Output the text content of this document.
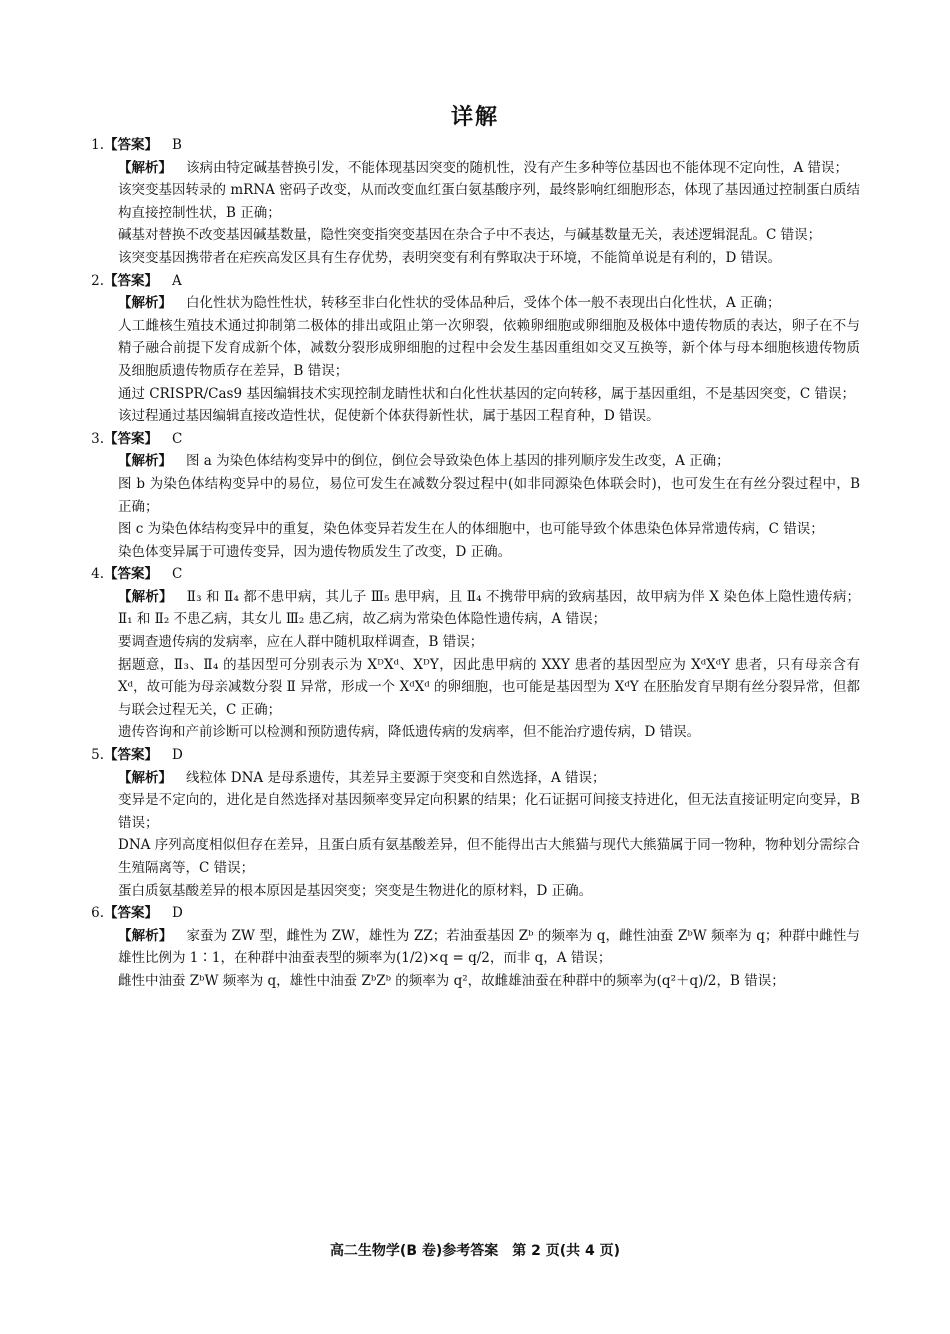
详解
1.【答案】 B

【解析】 该病由特定碱基替换引发，不能体现基因突变的随机性，没有产生多种等位基因也不能体现不定向性，A 错误；

该突变基因转录的 mRNA 密码子改变，从而改变血红蛋白氨基酸序列，最终影响红细胞形态，体现了基因通过控制蛋白质结构直接控制性状，B 正确；

碱基对替换不改变基因碱基数量，隐性突变指突变基因在杂合子中不表达，与碱基数量无关，表述逻辑混乱。C 错误；

该突变基因携带者在疟疾高发区具有生存优势，表明突变有利有弊取决于环境，不能简单说是有利的，D 错误。

2.【答案】 A

【解析】 白化性状为隐性性状，转移至非白化性状的受体品种后，受体个体一般不表现出白化性状，A 正确；

人工雌核生殖技术通过抑制第二极体的排出或阻止第一次卵裂，依赖卵细胞或卵细胞及极体中遗传物质的表达，卵子在不与精子融合前提下发育成新个体，减数分裂形成卵细胞的过程中会发生基因重组如交叉互换等，新个体与母本细胞核遗传物质及细胞质遗传物质存在差异，B 错误；

通过 CRISPR/Cas9 基因编辑技术实现控制龙睛性状和白化性状基因的定向转移，属于基因重组，不是基因突变，C 错误；

该过程通过基因编辑直接改造性状，促使新个体获得新性状，属于基因工程育种，D 错误。

3.【答案】 C

【解析】 图 a 为染色体结构变异中的倒位，倒位会导致染色体上基因的排列顺序发生改变，A 正确；

图 b 为染色体结构变异中的易位，易位可发生在减数分裂过程中(如非同源染色体联会时)，也可发生在有丝分裂过程中，B 正确；

图 c 为染色体结构变异中的重复，染色体变异若发生在人的体细胞中，也可能导致个体患染色体异常遗传病，C 错误；

染色体变异属于可遗传变异，因为遗传物质发生了改变，D 正确。

4.【答案】 C

【解析】 Ⅱ₃ 和 Ⅱ₄ 都不患甲病，其儿子 Ⅲ₅ 患甲病，且 Ⅱ₄ 不携带甲病的致病基因，故甲病为伴 X 染色体上隐性遗传病；Ⅱ₁ 和 Ⅱ₂ 不患乙病，其女儿 Ⅲ₂ 患乙病，故乙病为常染色体隐性遗传病，A 错误；

要调查遗传病的发病率，应在人群中随机取样调查，B 错误；

据题意，Ⅱ₃、Ⅱ₄ 的基因型可分别表示为 XᴰXᵈ、XᴰY，因此患甲病的 XXY 患者的基因型应为 XᵈXᵈY 患者，只有母亲含有 Xᵈ，故可能为母亲减数分裂 Ⅱ 异常，形成一个 XᵈXᵈ 的卵细胞，也可能是基因型为 XᵈY 在胚胎发育早期有丝分裂异常，但都与联会过程无关，C 正确；

遗传咨询和产前诊断可以检测和预防遗传病，降低遗传病的发病率，但不能治疗遗传病，D 错误。

5.【答案】 D

【解析】 线粒体 DNA 是母系遗传，其差异主要源于突变和自然选择，A 错误；

变异是不定向的，进化是自然选择对基因频率变异定向积累的结果；化石证据可间接支持进化，但无法直接证明定向变异，B 错误；

DNA 序列高度相似但存在差异，且蛋白质有氨基酸差异，但不能得出古大熊猫与现代大熊猫属于同一物种，物种划分需综合生殖隔离等，C 错误；

蛋白质氨基酸差异的根本原因是基因突变；突变是生物进化的原材料，D 正确。

6.【答案】 D

【解析】 家蚕为 ZW 型，雌性为 ZW，雄性为 ZZ；若油蚕基因 Zᵇ 的频率为 q，雌性油蚕 ZᵇW 频率为 q；种群中雌性与雄性比例为 1∶1，在种群中油蚕表型的频率为(1/2)×q = q/2，而非 q，A 错误；

雌性中油蚕 ZᵇW 频率为 q，雄性中油蚕 ZᵇZᵇ 的频率为 q²，故雌雄油蚕在种群中的频率为(q²＋q)/2，B 错误；

高二生物学(B 卷)参考答案　第 2 页(共 4 页)
